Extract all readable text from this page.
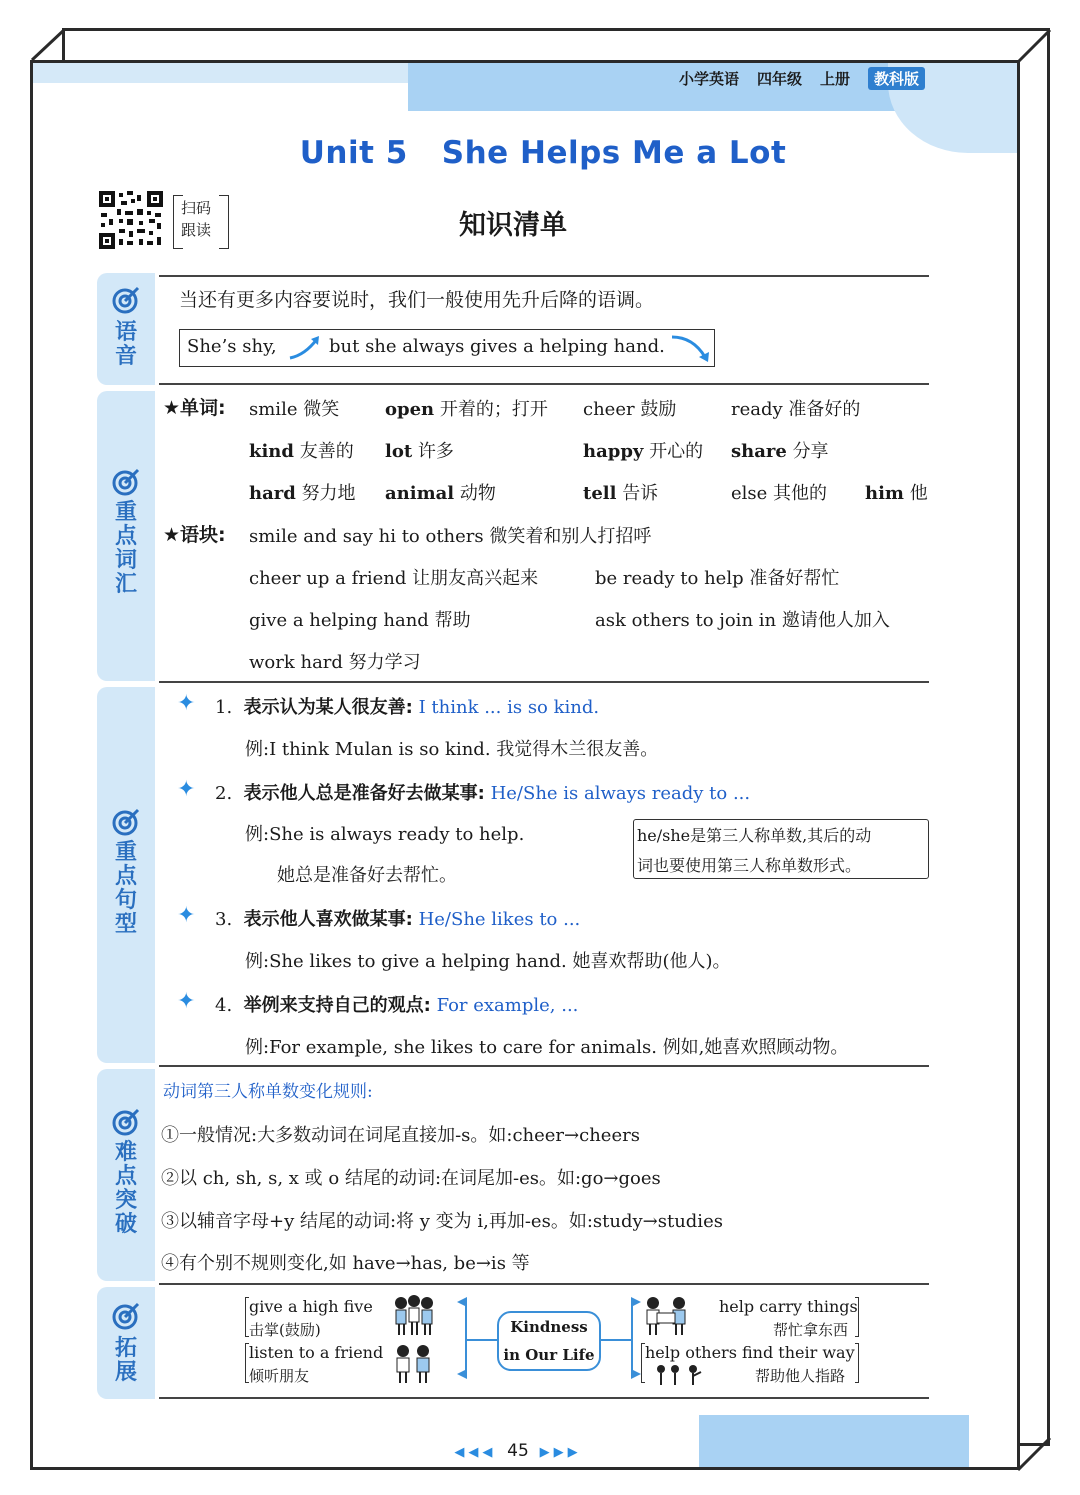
小学英语 四年级 上册	教科版
Unit 5 She Helps Me a Lot
知识清单
扫码
跟读
语
音
重
点
词
汇
重
点
句
型
难
点
突
破
拓
展
当还有更多内容要说时，我们一般使用先升后降的语调。
She’s shy,	but she always gives a helping hand.
★单词: smile 微笑	open 开着的；打开 cheer 鼓励	ready 准备好的
kind 友善的 lot 许多	happy 开心的 share 分享
hard 努力地 animal 动物	tell 告诉	else 其他的 him 他
★语块: smile and say hi to others 微笑着和别人打招呼
cheer up a friend 让朋友高兴起来	be ready to help 准备好帮忙
give a helping hand 帮助	ask others to join in 邀请他人加入
work hard 努力学习
✦ 1. 表示认为某人很友善: I think ... is so kind.
例:I think Mulan is so kind. 我觉得木兰很友善。
✦ 2. 表示他人总是准备好去做某事: He/She is always ready to ...
例:She is always ready to help.
她总是准备好去帮忙。
he/she是第三人称单数,其后的动
词也要使用第三人称单数形式。
✦ 3. 表示他人喜欢做某事: He/She likes to ...
例:She likes to give a helping hand. 她喜欢帮助(他人)。
✦ 4. 举例来支持自己的观点: For example, ...
例:For example, she likes to care for animals. 例如,她喜欢照顾动物。
动词第三人称单数变化规则:
①一般情况:大多数动词在词尾直接加-s。如:cheer→cheers
②以 ch, sh, s, x 或 o 结尾的动词:在词尾加-es。如:go→goes
③以辅音字母+y 结尾的动词:将 y 变为 i,再加-es。如:study→studies
④有个别不规则变化,如 have→has, be→is 等
Kindness
in Our Life
give a high five
击掌(鼓励)
listen to a friend
倾听朋友
help carry things
帮忙拿东西
help others find their way
帮助他人指路
◀◀◀ 45 ▶▶▶
